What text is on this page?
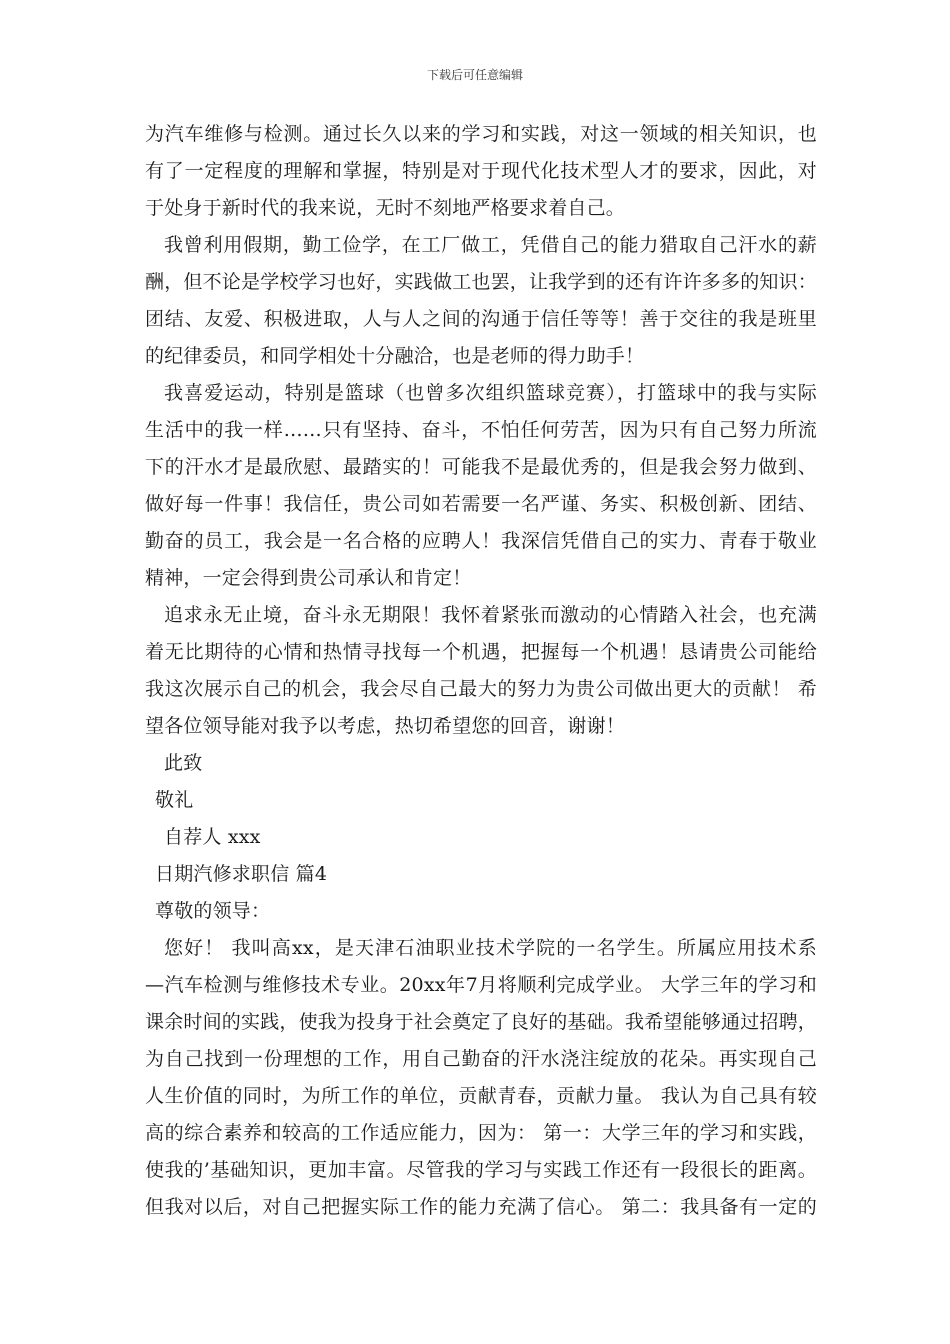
下载后可任意编辑
为汽车维修与检测。通过长久以来的学习和实践，对这一领域的相关知识，也
有了一定程度的理解和掌握，特别是对于现代化技术型人才的要求，因此，对
于处身于新时代的我来说，无时不刻地严格要求着自己。
我曾利用假期，勤工俭学，在工厂做工，凭借自己的能力猎取自己汗水的薪
酬，但不论是学校学习也好，实践做工也罢，让我学到的还有许许多多的知识：
团结、友爱、积极进取，人与人之间的沟通于信任等等！善于交往的我是班里
的纪律委员，和同学相处十分融洽，也是老师的得力助手！
我喜爱运动，特别是篮球（也曾多次组织篮球竞赛），打篮球中的我与实际
生活中的我一样……只有坚持、奋斗，不怕任何劳苦，因为只有自己努力所流
下的汗水才是最欣慰、最踏实的！可能我不是最优秀的，但是我会努力做到、
做好每一件事！我信任，贵公司如若需要一名严谨、务实、积极创新、团结、
勤奋的员工，我会是一名合格的应聘人！我深信凭借自己的实力、青春于敬业
精神，一定会得到贵公司承认和肯定！
追求永无止境，奋斗永无期限！我怀着紧张而激动的心情踏入社会，也充满
着无比期待的心情和热情寻找每一个机遇，把握每一个机遇！恳请贵公司能给
我这次展示自己的机会，我会尽自己最大的努力为贵公司做出更大的贡献！ 希
望各位领导能对我予以考虑，热切希望您的回音，谢谢！
此致
敬礼
自荐人 xxx
日期汽修求职信 篇4
尊敬的领导：
您好！ 我叫高xx，是天津石油职业技术学院的一名学生。所属应用技术系
—汽车检测与维修技术专业。20xx年7月将顺利完成学业。 大学三年的学习和
课余时间的实践，使我为投身于社会奠定了良好的基础。我希望能够通过招聘，
为自己找到一份理想的工作，用自己勤奋的汗水浇注绽放的花朵。再实现自己
人生价值的同时，为所工作的单位，贡献青春，贡献力量。 我认为自己具有较
高的综合素养和较高的工作适应能力，因为： 第一：大学三年的学习和实践，
使我的’基础知识，更加丰富。尽管我的学习与实践工作还有一段很长的距离。
但我对以后，对自己把握实际工作的能力充满了信心。 第二：我具备有一定的
